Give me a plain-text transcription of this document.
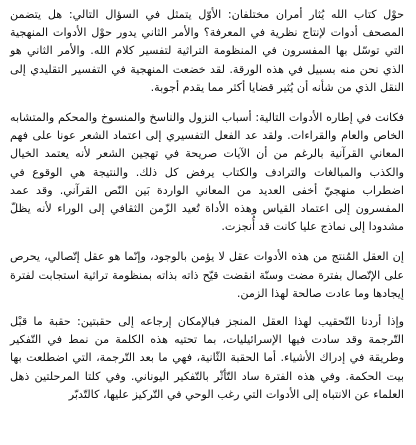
حوْل كتاب الله يُثار أمران مختلفان: الأوّل يتمثل في السؤال التالي: هل يتضمن المصحف أدوات لإنتاج نظرية في المعرفة؟ والأمر الثاني يدور حوْل الأدوات المنهجية التي توسّل بها المفسرون في المنظومة التراثية لتفسير كلام الله. والأمر الثاني هو الذي نحن منه بسبيل في هذه الورقة. لقد خضعت المنهجية في التفسير التقليدي إلى النقل الذي من شأنه أن يُثير قضايا أكثر مما يقدم أجوبة.

فكانت في إطاره الأدوات التالية: أسباب النزول والناسخ والمنسوخ والمحكم والمتشابه الخاص والعام والقراءات. ولقد عد الفعل التفسيري إلى اعتماد الشعر عونا على فهم المعاني القرآنية بالرغم من أن الآيات صريحة في تهجين الشعر لأنه يعتمد الخيال والكذب والمبالغات والترادف والكتاب يرفض كل ذلك. والنتيجة هي الوقوع في اضطراب منهجيّ أخفى العديد من المعاني الواردة بَين النّص القرآني. وقد عمد المفسرون إلى اعتماد القياس وهذه الأداة تُعيد الزّمن الثقافي إلى الوراء لأنه يظلّ مشدودا إلى نماذج عليا كانت قد أُنجزت.

إن العقل المُنتج من هذه الأدوات عقل لا يؤمن بالوجود، وإنّما هو عقل إتّصالي، يحرص على الإتّصال بفترة مضت وسنّة انقضت قيّح ذاته بذاته بمنظومة تراثية استجابت لفترة إيجادها وما عادت صالحة لهذا الزمن.

وإذا أردنا التّحقيب لهذا العقل المنجز فبالإمكان إرجاعه إلى حقبتين: حقبة ما قبْل التّرجمة وقد سادت فيها الإسرائيليات، بما تحتيه هذه الكلمة من نمط في التّفكير وطريقة في إدراك الأشياء. أما الحقبة الثّانية، فهي ما بعد التّرجمة، التي اضطلعت بها بيت الحكمة. وفي هذه الفترة ساد التّأثّر بالتّفكير اليوناني. وفي كلتا المرحلتين ذهل العلماء عن الانتباه إلى الأدوات التي رغب الوحي في التّركيز عليها، كالتّدبّر
